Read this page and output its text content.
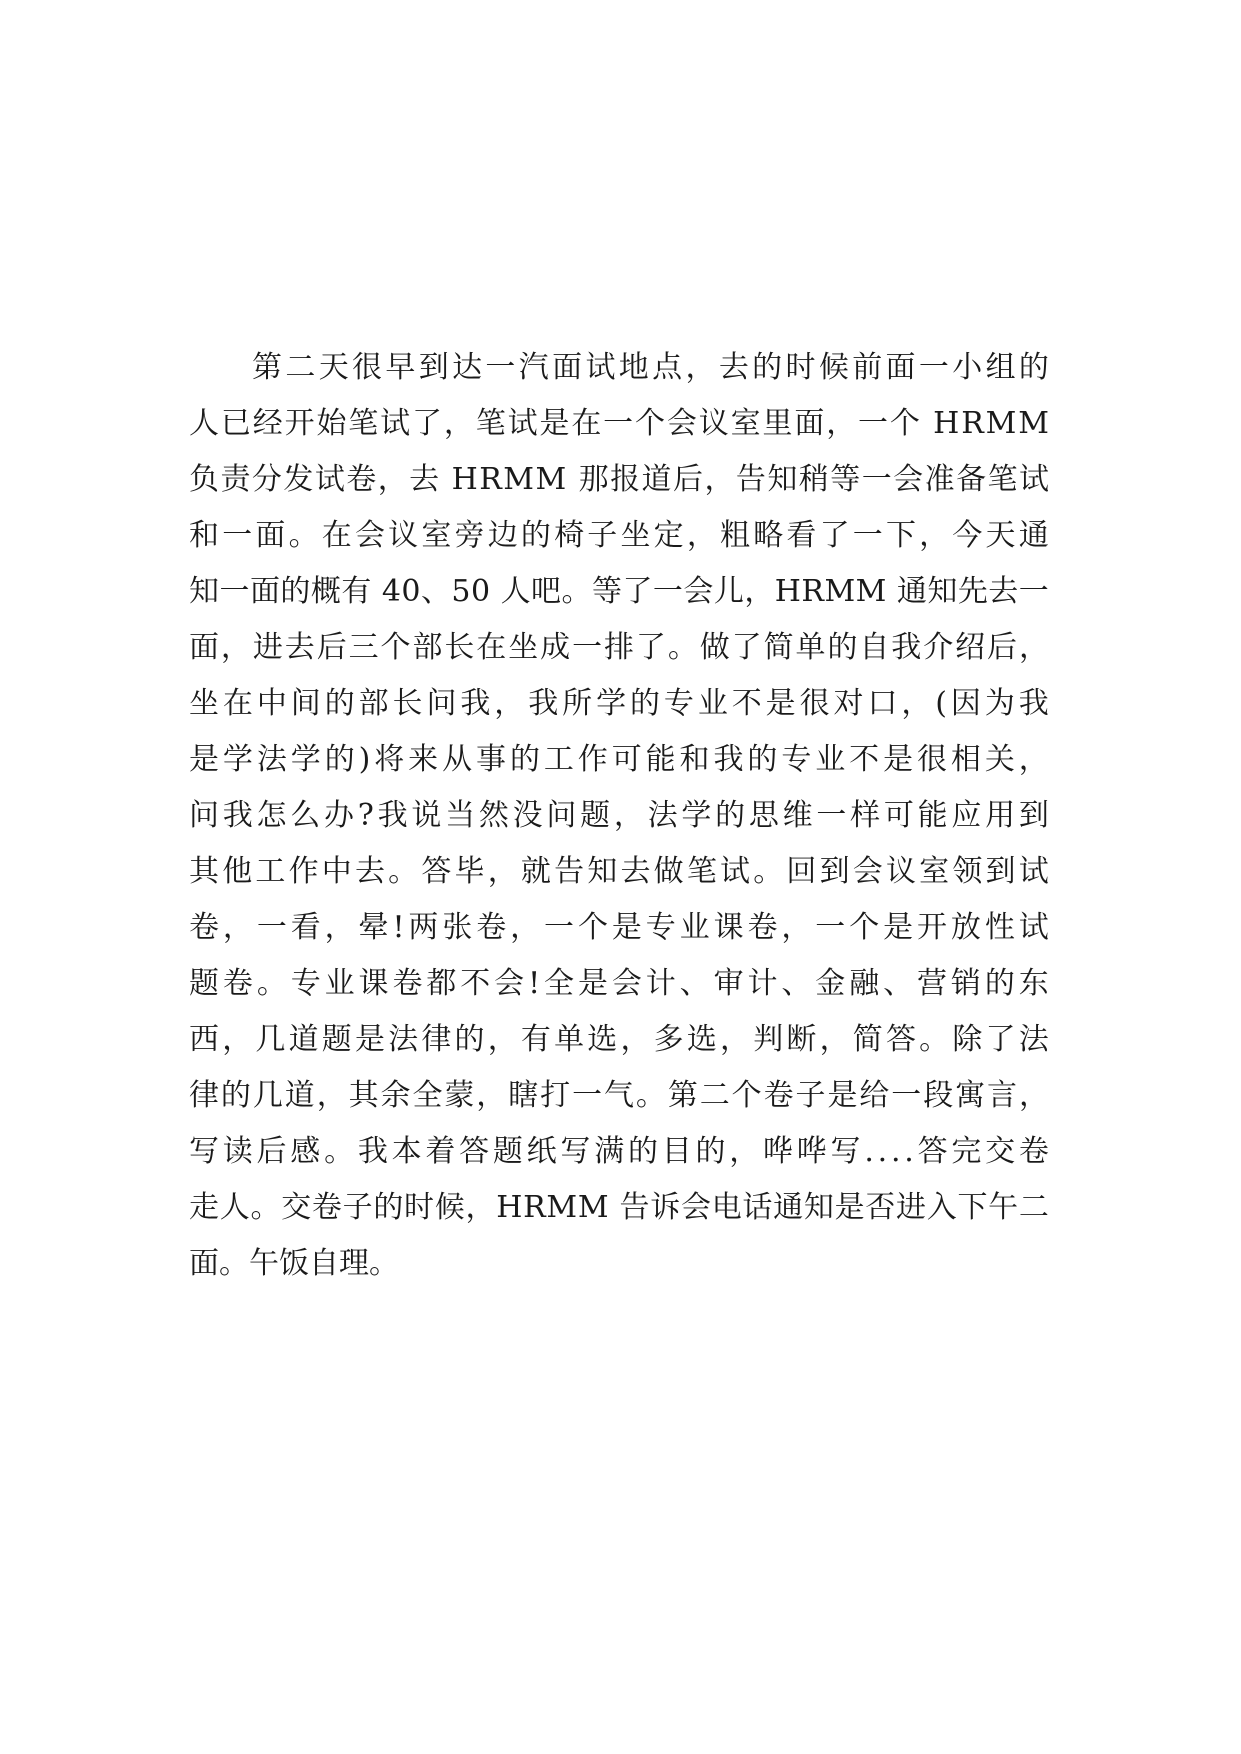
第 二 天 很 早 到 达 一 汽 面 试 地 点 ， 去 的 时 候 前 面 一 小 组 的
人 已 经 开 始 笔 试 了 ， 笔 试 是 在 一 个 会 议 室 里 面 ， 一 个
H R M M
负 责 分 发 试 卷 ， 去
H R M M
那 报 道 后 ， 告 知 稍 等 一 会 准 备 笔 试
和 一 面 。 在 会 议 室 旁 边 的 椅 子 坐 定 ， 粗 略 看 了 一 下 ， 今 天 通
知 一 面 的 概 有
4 0 、 5 0
人 吧 。 等 了 一 会 儿 ， H R M M
通 知 先 去 一
面 ， 进 去 后 三 个 部 长 在 坐 成 一 排 了 。 做 了 简 单 的 自 我 介 绍 后 ，
坐 在 中 间 的 部 长 问 我 ， 我 所 学 的 专 业 不 是 很 对 口 ， ( 因 为 我
是 学 法 学 的 ) 将 来 从 事 的 工 作 可 能 和 我 的 专 业 不 是 很 相 关 ，
问 我 怎 么 办 ? 我 说 当 然 没 问 题 ， 法 学 的 思 维 一 样 可 能 应 用 到
其 他 工 作 中 去 。 答 毕 ， 就 告 知 去 做 笔 试 。 回 到 会 议 室 领 到 试
卷 ， 一 看 ， 晕 ! 两 张 卷 ， 一 个 是 专 业 课 卷 ， 一 个 是 开 放 性 试
题 卷 。 专 业 课 卷 都 不 会 ! 全 是 会 计 、 审 计 、 金 融 、 营 销 的 东
西 ， 几 道 题 是 法 律 的 ， 有 单 选 ， 多 选 ， 判 断 ， 简 答 。 除 了 法
律 的 几 道 ， 其 余 全 蒙 ， 瞎 打 一 气 。 第 二 个 卷 子 是 给 一 段 寓 言 ，
写 读 后 感 。 我 本 着 答 题 纸 写 满 的 目 的 ， 哗 哗 写 . . . . 答 完 交 卷
走 人 。 交 卷 子 的 时 候 ， H R M M
告 诉 会 电 话 通 知 是 否 进 入 下 午 二
面。午饭自理。
